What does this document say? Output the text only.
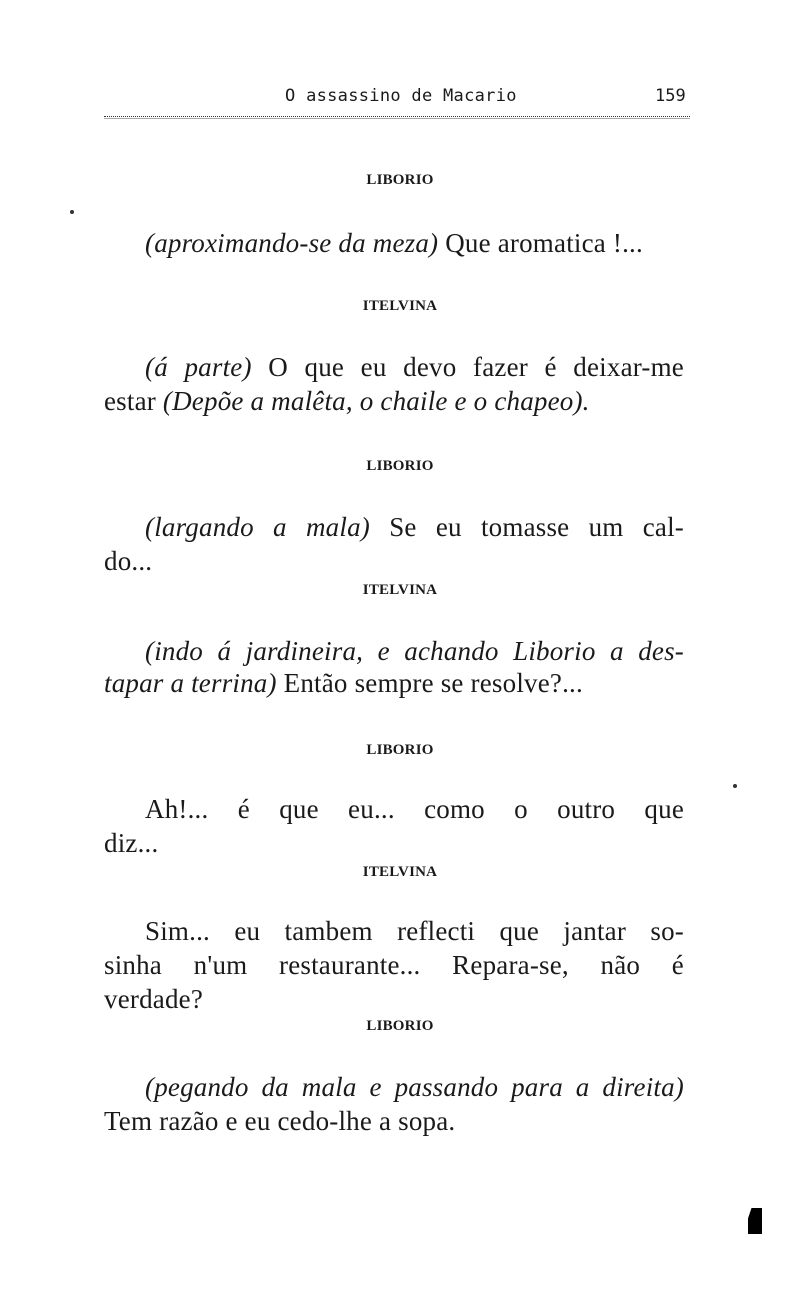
O assassino de Macario	159
LIBORIO
(aproximando-se da meza) Que aromatica !...
ITELVINA
(á parte) O que eu devo fazer é deixar-me
estar (Depõe a malêta, o chaile e o chapeo).
LIBORIO
(largando a mala) Se eu tomasse um cal-
do...
ITELVINA
(indo á jardineira, e achando Liborio a des-
tapar a terrina) Então sempre se resolve?...
LIBORIO
Ah!... é que eu... como o outro que
diz...
ITELVINA
Sim... eu tambem reflecti que jantar so-
sinha n'um restaurante... Repara-se, não é
verdade?
LIBORIO
(pegando da mala e passando para a direita)
Tem razão e eu cedo-lhe a sopa.
